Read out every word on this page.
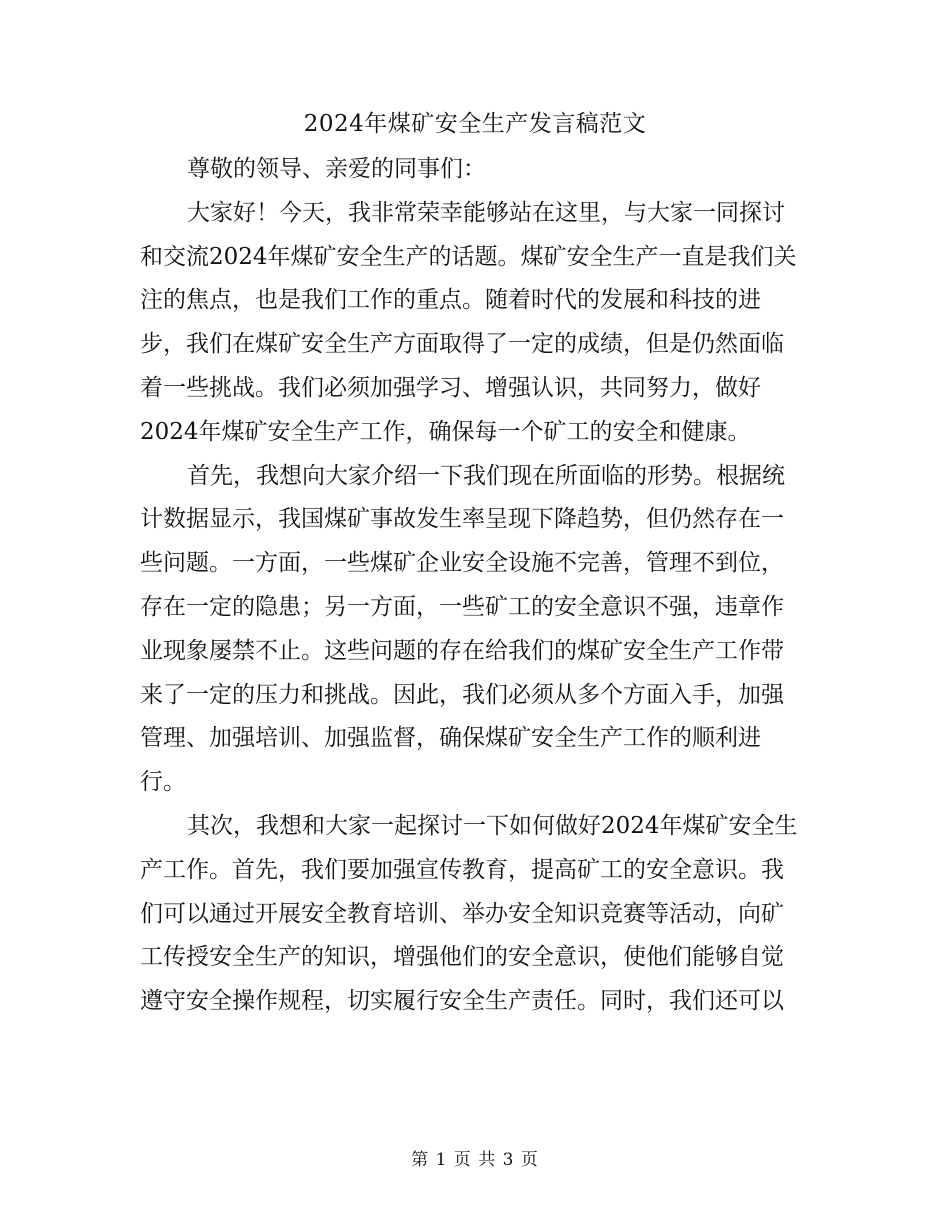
2024年煤矿安全生产发言稿范文
尊敬的领导、亲爱的同事们：
大家好！今天，我非常荣幸能够站在这里，与大家一同探讨
和交流2024年煤矿安全生产的话题。煤矿安全生产一直是我们关
注的焦点，也是我们工作的重点。随着时代的发展和科技的进
步，我们在煤矿安全生产方面取得了一定的成绩，但是仍然面临
着一些挑战。我们必须加强学习、增强认识，共同努力，做好
2024年煤矿安全生产工作，确保每一个矿工的安全和健康。
首先，我想向大家介绍一下我们现在所面临的形势。根据统
计数据显示，我国煤矿事故发生率呈现下降趋势，但仍然存在一
些问题。一方面，一些煤矿企业安全设施不完善，管理不到位，
存在一定的隐患；另一方面，一些矿工的安全意识不强，违章作
业现象屡禁不止。这些问题的存在给我们的煤矿安全生产工作带
来了一定的压力和挑战。因此，我们必须从多个方面入手，加强
管理、加强培训、加强监督，确保煤矿安全生产工作的顺利进
行。
其次，我想和大家一起探讨一下如何做好2024年煤矿安全生
产工作。首先，我们要加强宣传教育，提高矿工的安全意识。我
们可以通过开展安全教育培训、举办安全知识竞赛等活动，向矿
工传授安全生产的知识，增强他们的安全意识，使他们能够自觉
遵守安全操作规程，切实履行安全生产责任。同时，我们还可以
第 1 页 共 3 页
